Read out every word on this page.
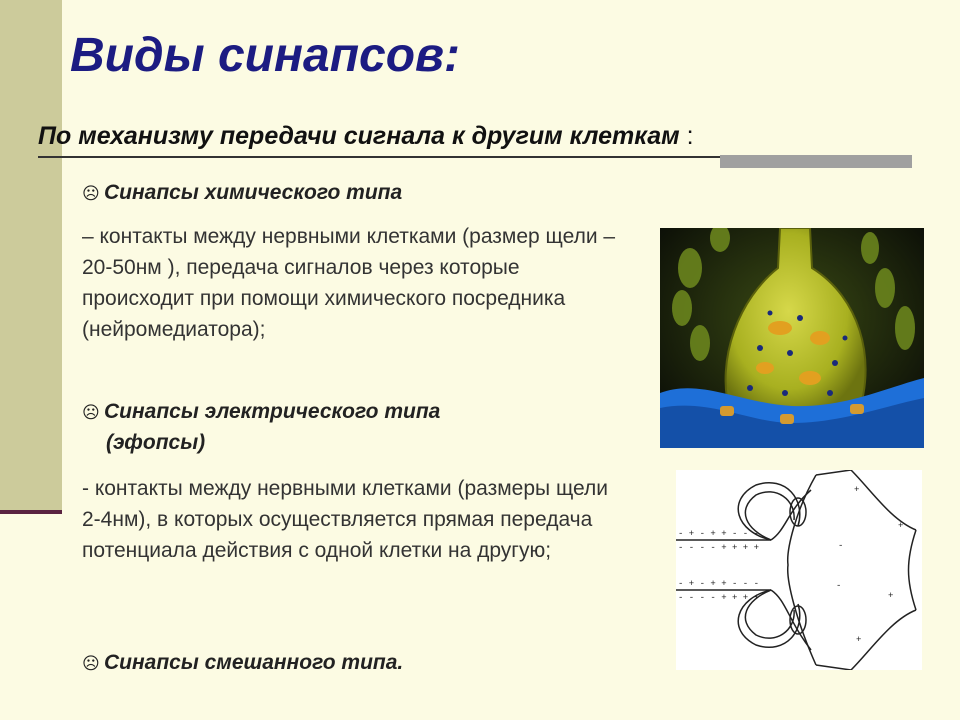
Виды синапсов:
По механизму передачи сигнала к другим клеткам :
☹ Синапсы химического типа
– контакты между нервными клетками (размер щели – 20-50нм ), передача сигналов через которые происходит при помощи химического посредника (нейромедиатора);
☹ Синапсы электрического типа
(эфопсы)
- контакты между нервными клетками (размеры щели 2-4нм), в которых осуществляется прямая передача потенциала действия с одной клетки на другую;
☹ Синапсы смешанного типа.
- + - + + - - -
- - - - + + + +
- + - + + - - -
- - - - + + + +
+
+
+
+
-
-
